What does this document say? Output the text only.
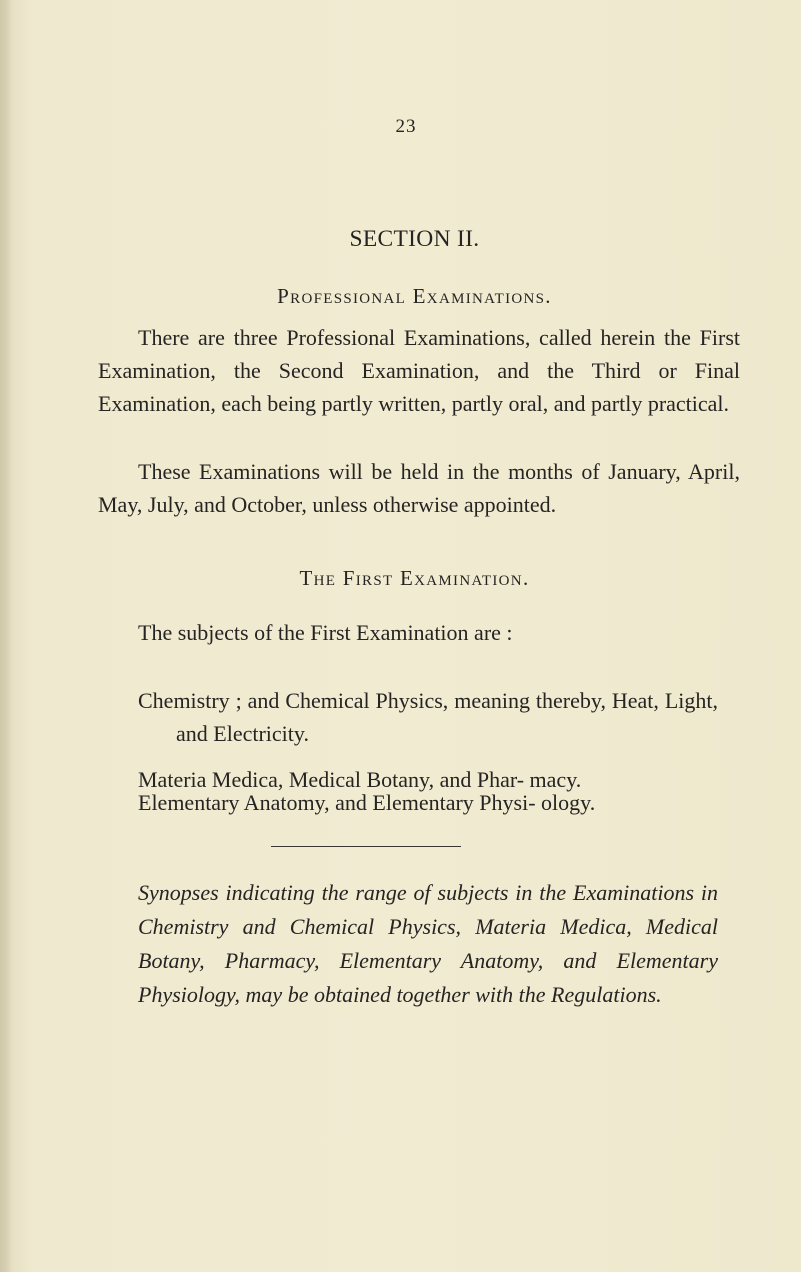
23
SECTION II.
Professional Examinations.

There are three Professional Examinations, called herein the First Examination, the Second Examination, and the Third or Final Examination, each being partly written, partly oral, and partly practical.

These Examinations will be held in the months of January, April, May, July, and October, unless otherwise appointed.

The First Examination.

The subjects of the First Examination are :

Chemistry ; and Chemical Physics, meaning thereby, Heat, Light, and Electricity.

Materia Medica, Medical Botany, and Phar- macy.

Elementary Anatomy, and Elementary Physi- ology.

Synopses indicating the range of subjects in the Examinations in Chemistry and Chemical Physics, Materia Medica, Medical Botany, Pharmacy, Elementary Anatomy, and Elementary Physiology, may be obtained together with the Regulations.
